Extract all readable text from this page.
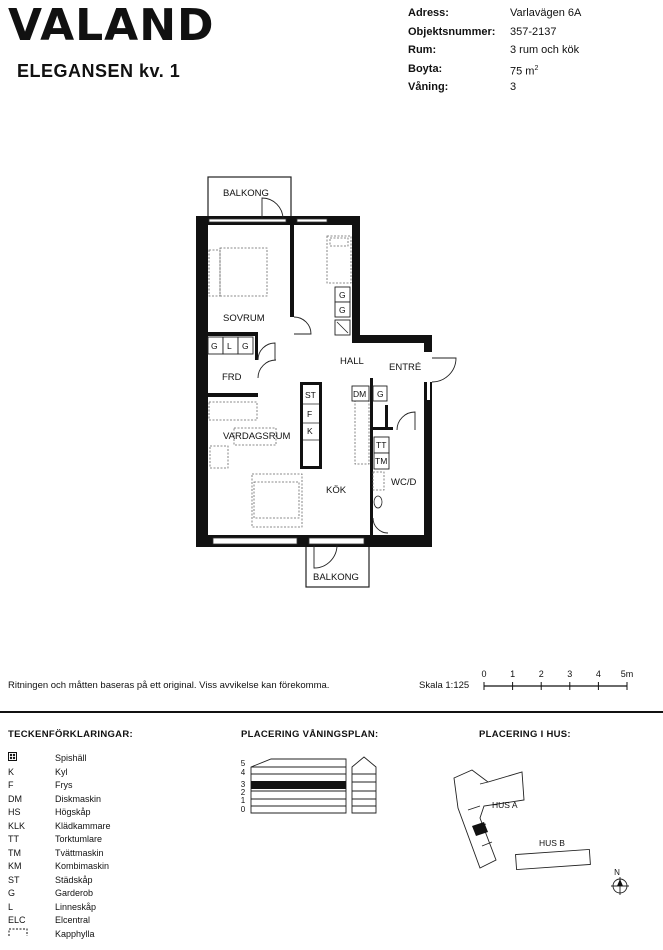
VALAND
ELEGANSEN kv. 1
Adress:	Varlavägen 6A
Objektsnummer:	357-2137
Rum:	3 rum och kök
Boyta:	75 $m^2$
Våning:	3
BALKONG
SOVRUM
HALL
ENTRÉ
FRD
VARDAGSRUM
KÖK
WC/D
BALKONG
G
G
G L G
G
ST
F
K
DM
TT
TM
Ritningen och måtten baseras på ett original. Viss avvikelse kan förekomma.	Skala 1:125
0	1	2	3	4 5m
TECKENFÖRKLARINGAR:
Spishäll
K	Kyl
F	Frys
DM	Diskmaskin
HS	Högskåp
KLK	Klädkammare
TT	Torktumlare
TM	Tvättmaskin
KM	Kombimaskin
ST	Städskåp
G	Garderob
L	Linneskåp
ELC	Elcentral
Kapphylla
PLACERING VÅNINGSPLAN:
5
4
3
2
1
0
PLACERING I HUS:
HUS A
HUS B
N
